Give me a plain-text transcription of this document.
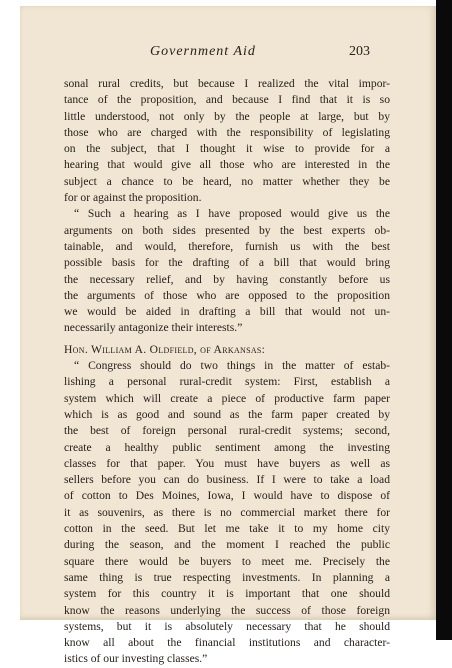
Government Aid	203
sonal rural credits, but because I realized the vital impor-
tance of the proposition, and because I find that it is so
little understood, not only by the people at large, but by
those who are charged with the responsibility of legislating
on the subject, that I thought it wise to provide for a
hearing that would give all those who are interested in the
subject a chance to be heard, no matter whether they be
for or against the proposition.
“ Such a hearing as I have proposed would give us the
arguments on both sides presented by the best experts ob-
tainable, and would, therefore, furnish us with the best
possible basis for the drafting of a bill that would bring
the necessary relief, and by having constantly before us
the arguments of those who are opposed to the proposition
we would be aided in drafting a bill that would not un-
necessarily antagonize their interests.”
Hon. William A. Oldfield, of Arkansas:
“ Congress should do two things in the matter of estab-
lishing a personal rural-credit system: First, establish a
system which will create a piece of productive farm paper
which is as good and sound as the farm paper created by
the best of foreign personal rural-credit systems; second,
create a healthy public sentiment among the investing
classes for that paper. You must have buyers as well as
sellers before you can do business. If I were to take a load
of cotton to Des Moines, Iowa, I would have to dispose of
it as souvenirs, as there is no commercial market there for
cotton in the seed. But let me take it to my home city
during the season, and the moment I reached the public
square there would be buyers to meet me. Precisely the
same thing is true respecting investments. In planning a
system for this country it is important that one should
know the reasons underlying the success of those foreign
systems, but it is absolutely necessary that he should
know all about the financial institutions and character-
istics of our investing classes.”
